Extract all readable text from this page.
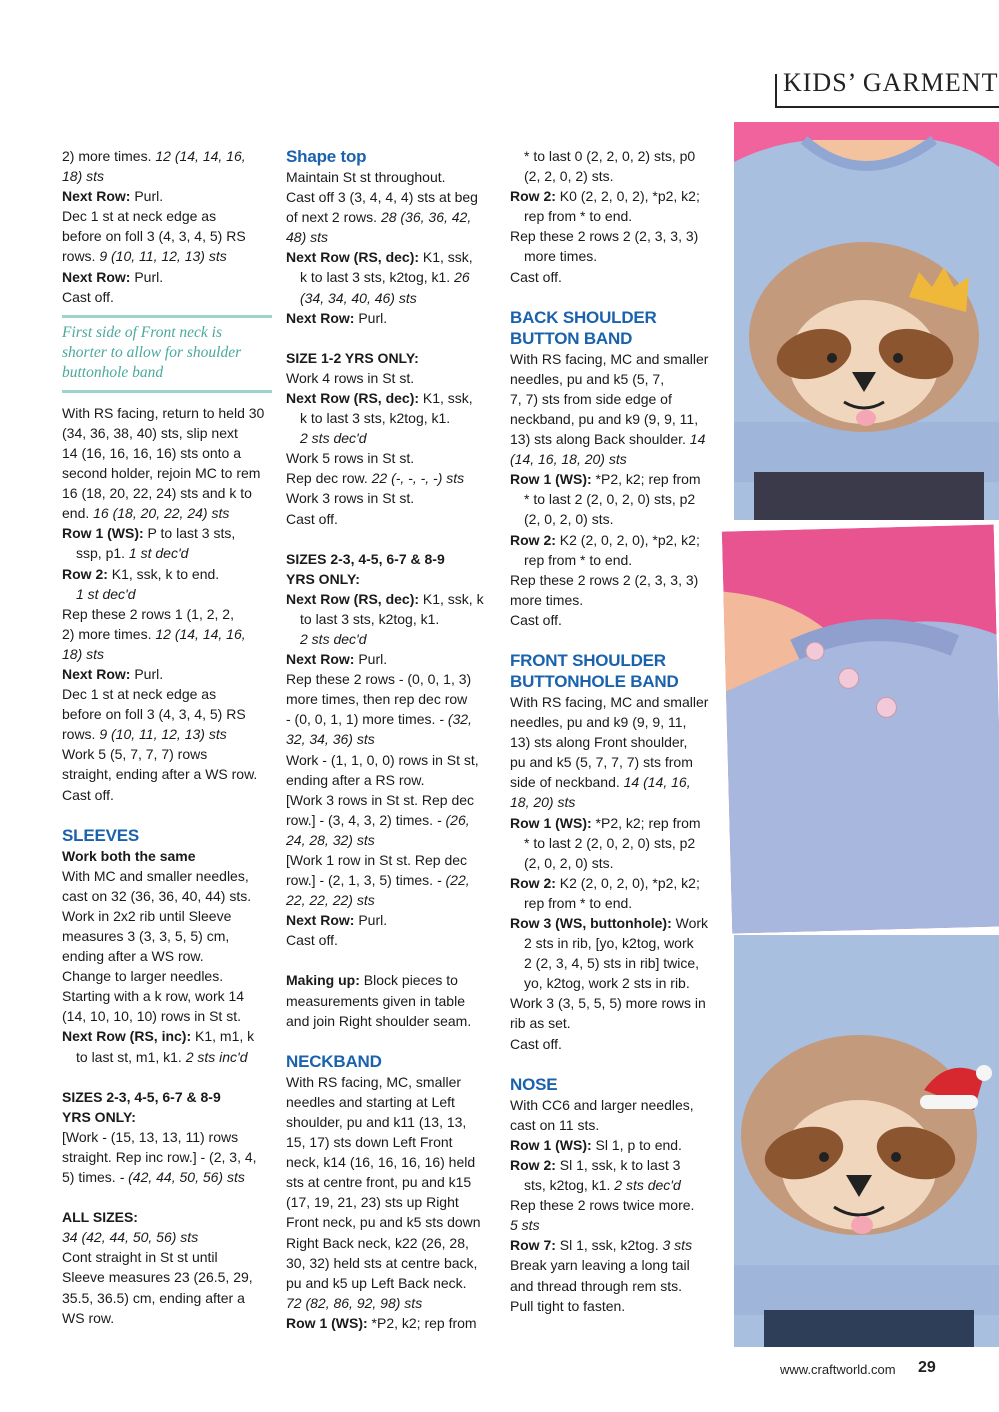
KIDS’ GARMENT

2) more times. 12 (14, 14, 16,

18) sts

Next Row: Purl.

Dec 1 st at neck edge as

before on foll 3 (4, 3, 4, 5) RS

rows. 9 (10, 11, 12, 13) sts

Next Row: Purl.

Cast off.

First side of Front neck is

shorter to allow for shoulder

buttonhole band

With RS facing, return to held 30

(34, 36, 38, 40) sts, slip next

14 (16, 16, 16, 16) sts onto a

second holder, rejoin MC to rem

16 (18, 20, 22, 24) sts and k to

end. 16 (18, 20, 22, 24) sts

Row 1 (WS): P to last 3 sts,

ssp, p1. 1 st dec'd

Row 2: K1, ssk, k to end.

1 st dec'd

Rep these 2 rows 1 (1, 2, 2,

2) more times. 12 (14, 14, 16,

18) sts

Next Row: Purl.

Dec 1 st at neck edge as

before on foll 3 (4, 3, 4, 5) RS

rows. 9 (10, 11, 12, 13) sts

Work 5 (5, 7, 7, 7) rows

straight, ending after a WS row.

Cast off.

SLEEVES

Work both the same

With MC and smaller needles,

cast on 32 (36, 36, 40, 44) sts.

Work in 2x2 rib until Sleeve

measures 3 (3, 3, 5, 5) cm,

ending after a WS row.

Change to larger needles.

Starting with a k row, work 14

(14, 10, 10, 10) rows in St st.

Next Row (RS, inc): K1, m1, k

to last st, m1, k1. 2 sts inc'd

SIZES 2-3, 4-5, 6-7 & 8-9

YRS ONLY:

[Work - (15, 13, 13, 11) rows

straight. Rep inc row.] - (2, 3, 4,

5) times. - (42, 44, 50, 56) sts

ALL SIZES:

34 (42, 44, 50, 56) sts

Cont straight in St st until

Sleeve measures 23 (26.5, 29,

35.5, 36.5) cm, ending after a

WS row.

Shape top

Maintain St st throughout.

Cast off 3 (3, 4, 4, 4) sts at beg

of next 2 rows. 28 (36, 36, 42,

48) sts

Next Row (RS, dec): K1, ssk,

k to last 3 sts, k2tog, k1. 26

(34, 34, 40, 46) sts

Next Row: Purl.

SIZE 1-2 YRS ONLY:

Work 4 rows in St st.

Next Row (RS, dec): K1, ssk,

k to last 3 sts, k2tog, k1.

2 sts dec'd

Work 5 rows in St st.

Rep dec row. 22 (-, -, -, -) sts

Work 3 rows in St st.

Cast off.

SIZES 2-3, 4-5, 6-7 & 8-9

YRS ONLY:

Next Row (RS, dec): K1, ssk, k

to last 3 sts, k2tog, k1.

2 sts dec'd

Next Row: Purl.

Rep these 2 rows - (0, 0, 1, 3)

more times, then rep dec row

- (0, 0, 1, 1) more times. - (32,

32, 34, 36) sts

Work - (1, 1, 0, 0) rows in St st,

ending after a RS row.

[Work 3 rows in St st. Rep dec

row.] - (3, 4, 3, 2) times. - (26,

24, 28, 32) sts

[Work 1 row in St st. Rep dec

row.] - (2, 1, 3, 5) times. - (22,

22, 22, 22) sts

Next Row: Purl.

Cast off.

Making up: Block pieces to

measurements given in table

and join Right shoulder seam.

NECKBAND

With RS facing, MC, smaller

needles and starting at Left

shoulder, pu and k11 (13, 13,

15, 17) sts down Left Front

neck, k14 (16, 16, 16, 16) held

sts at centre front, pu and k15

(17, 19, 21, 23) sts up Right

Front neck, pu and k5 sts down

Right Back neck, k22 (26, 28,

30, 32) held sts at centre back,

pu and k5 up Left Back neck.

72 (82, 86, 92, 98) sts

Row 1 (WS): *P2, k2; rep from

* to last 0 (2, 2, 0, 2) sts, p0

(2, 2, 0, 2) sts.

Row 2: K0 (2, 2, 0, 2), *p2, k2;

rep from * to end.

Rep these 2 rows 2 (2, 3, 3, 3)

more times.

Cast off.

BACK SHOULDER

BUTTON BAND

With RS facing, MC and smaller

needles, pu and k5 (5, 7,

7, 7) sts from side edge of

neckband, pu and k9 (9, 9, 11,

13) sts along Back shoulder. 14

(14, 16, 18, 20) sts

Row 1 (WS): *P2, k2; rep from

* to last 2 (2, 0, 2, 0) sts, p2

(2, 0, 2, 0) sts.

Row 2: K2 (2, 0, 2, 0), *p2, k2;

rep from * to end.

Rep these 2 rows 2 (2, 3, 3, 3)

more times.

Cast off.

FRONT SHOULDER

BUTTONHOLE BAND

With RS facing, MC and smaller

needles, pu and k9 (9, 9, 11,

13) sts along Front shoulder,

pu and k5 (5, 7, 7, 7) sts from

side of neckband. 14 (14, 16,

18, 20) sts

Row 1 (WS): *P2, k2; rep from

* to last 2 (2, 0, 2, 0) sts, p2

(2, 0, 2, 0) sts.

Row 2: K2 (2, 0, 2, 0), *p2, k2;

rep from * to end.

Row 3 (WS, buttonhole): Work

2 sts in rib, [yo, k2tog, work

2 (2, 3, 4, 5) sts in rib] twice,

yo, k2tog, work 2 sts in rib.

Work 3 (3, 5, 5, 5) more rows in

rib as set.

Cast off.

NOSE

With CC6 and larger needles,

cast on 11 sts.

Row 1 (WS): Sl 1, p to end.

Row 2: Sl 1, ssk, k to last 3

sts, k2tog, k1. 2 sts dec'd

Rep these 2 rows twice more.

5 sts

Row 7: Sl 1, ssk, k2tog. 3 sts

Break yarn leaving a long tail

and thread through rem sts.

Pull tight to fasten.

www.craftworld.com 29
